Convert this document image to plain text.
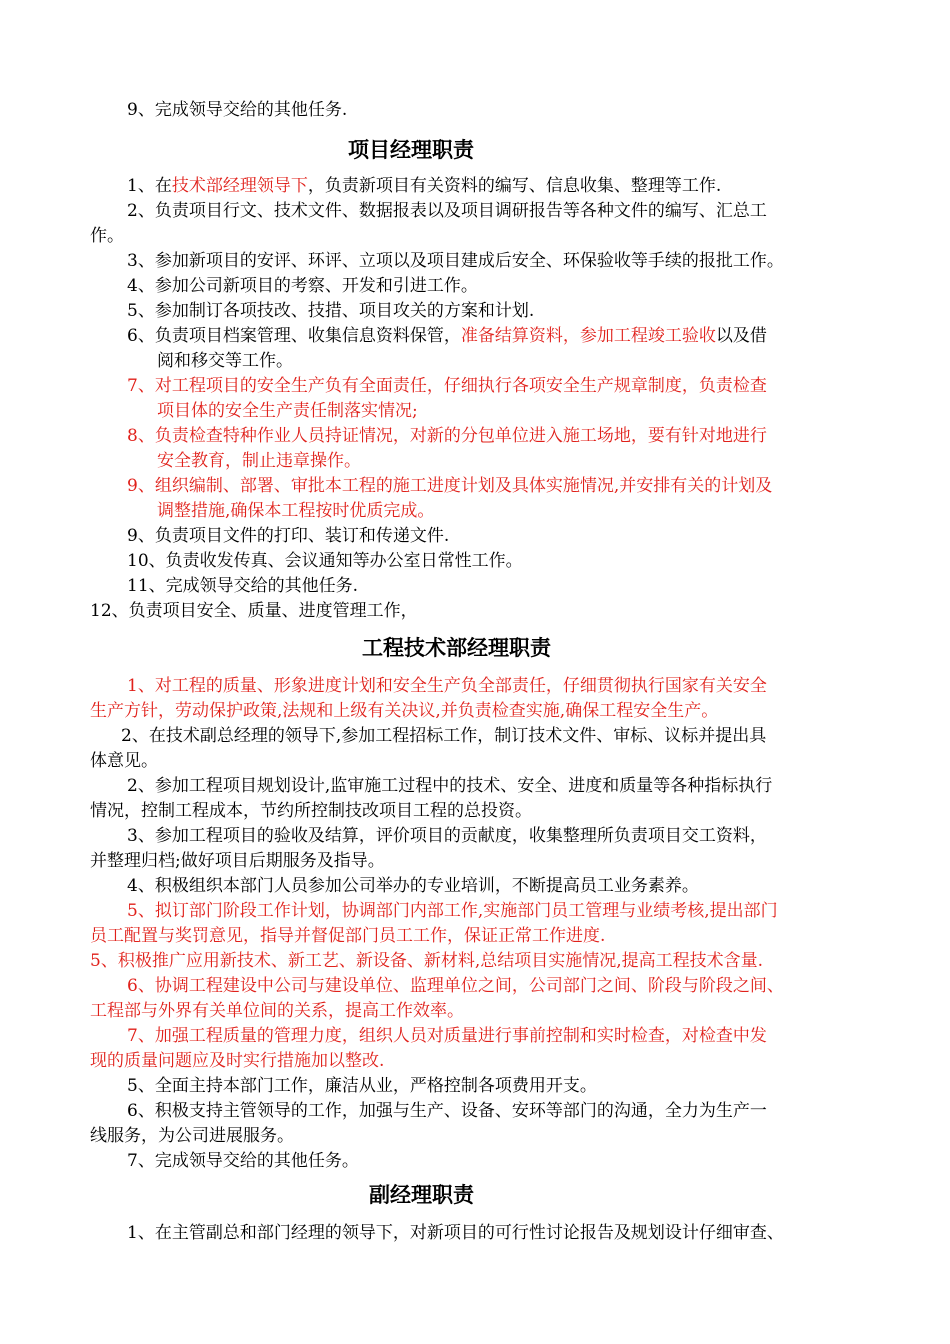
9、完成领导交给的其他任务.

项目经理职责

1、在技术部经理领导下，负责新项目有关资料的编写、信息收集、整理等工作.

2、负责项目行文、技术文件、数据报表以及项目调研报告等各种文件的编写、汇总工

作。

3、参加新项目的安评、环评、立项以及项目建成后安全、环保验收等手续的报批工作。

4、参加公司新项目的考察、开发和引进工作。

5、参加制订各项技改、技措、项目攻关的方案和计划.

6、负责项目档案管理、收集信息资料保管，准备结算资料，参加工程竣工验收以及借

阅和移交等工作。

7、对工程项目的安全生产负有全面责任，仔细执行各项安全生产规章制度，负责检查

项目体的安全生产责任制落实情况;

8、负责检查特种作业人员持证情况，对新的分包单位进入施工场地，要有针对地进行

安全教育，制止违章操作。

9、组织编制、部署、审批本工程的施工进度计划及具体实施情况,并安排有关的计划及

调整措施,确保本工程按时优质完成。

9、负责项目文件的打印、装订和传递文件.

10、负责收发传真、会议通知等办公室日常性工作。

11、完成领导交给的其他任务.

12、负责项目安全、质量、进度管理工作，

工程技术部经理职责

1、对工程的质量、形象进度计划和安全生产负全部责任，仔细贯彻执行国家有关安全

生产方针，劳动保护政策,法规和上级有关决议,并负责检查实施,确保工程安全生产。

2、在技术副总经理的领导下,参加工程招标工作，制订技术文件、审标、议标并提出具

体意见。

2、参加工程项目规划设计,监审施工过程中的技术、安全、进度和质量等各种指标执行

情况，控制工程成本，节约所控制技改项目工程的总投资。

3、参加工程项目的验收及结算，评价项目的贡献度，收集整理所负责项目交工资料，

并整理归档;做好项目后期服务及指导。

4、积极组织本部门人员参加公司举办的专业培训，不断提高员工业务素养。

5、拟订部门阶段工作计划，协调部门内部工作,实施部门员工管理与业绩考核,提出部门

员工配置与奖罚意见，指导并督促部门员工工作，保证正常工作进度.

5、积极推广应用新技术、新工艺、新设备、新材料,总结项目实施情况,提高工程技术含量.

6、协调工程建设中公司与建设单位、监理单位之间，公司部门之间、阶段与阶段之间、

工程部与外界有关单位间的关系，提高工作效率。

7、加强工程质量的管理力度，组织人员对质量进行事前控制和实时检查，对检查中发

现的质量问题应及时实行措施加以整改.

5、全面主持本部门工作，廉洁从业，严格控制各项费用开支。

6、积极支持主管领导的工作，加强与生产、设备、安环等部门的沟通，全力为生产一

线服务，为公司进展服务。

7、完成领导交给的其他任务。

副经理职责

1、在主管副总和部门经理的领导下，对新项目的可行性讨论报告及规划设计仔细审查、
